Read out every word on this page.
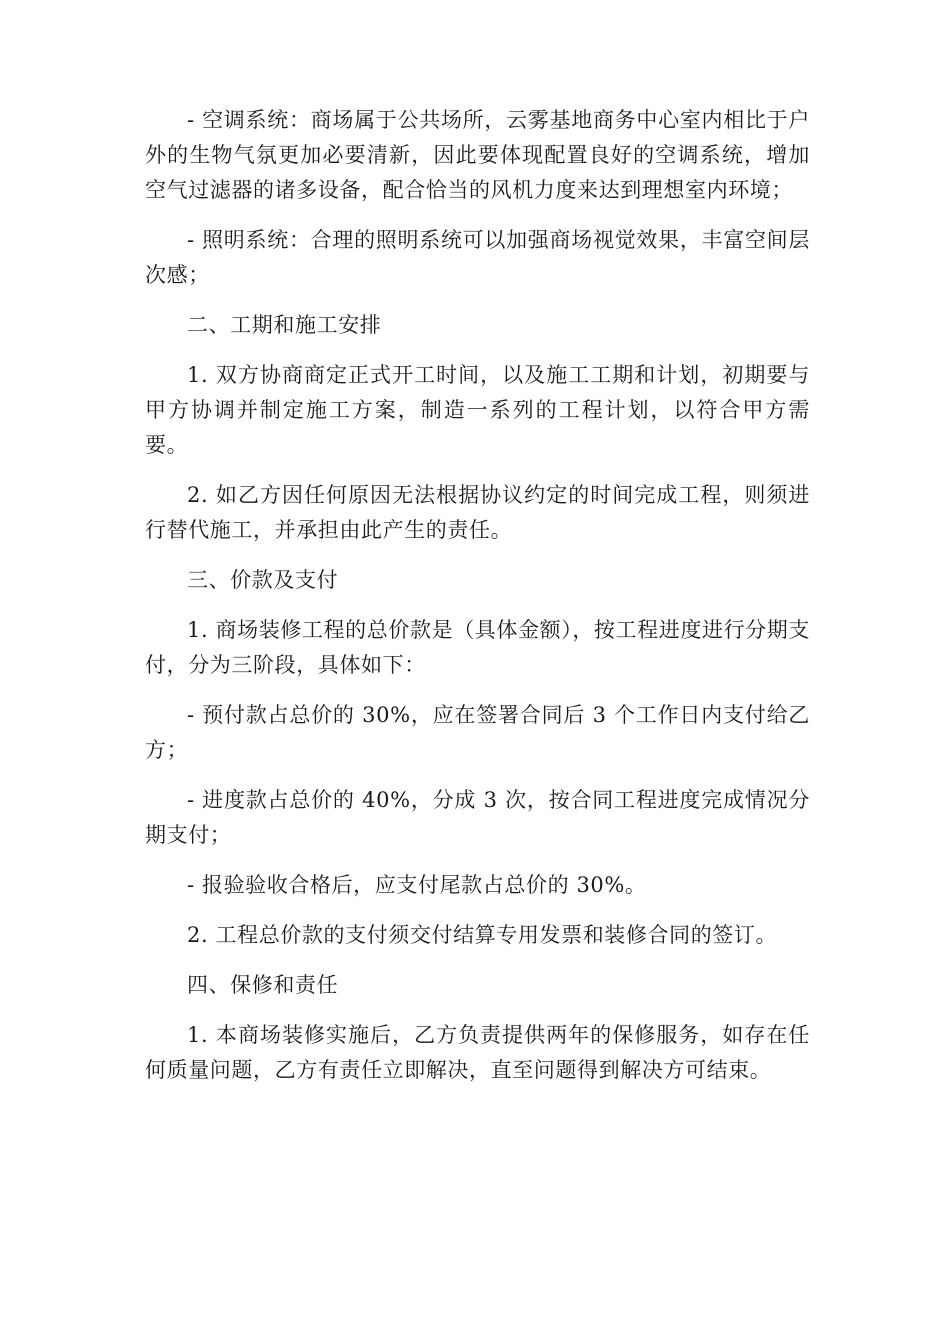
- 空调系统：商场属于公共场所，云雾基地商务中心室内相比于户外的生物气氛更加必要清新，因此要体现配置良好的空调系统，增加空气过滤器的诸多设备，配合恰当的风机力度来达到理想室内环境；

- 照明系统：合理的照明系统可以加强商场视觉效果，丰富空间层次感；

二、工期和施工安排

1. 双方协商商定正式开工时间，以及施工工期和计划，初期要与甲方协调并制定施工方案，制造一系列的工程计划，以符合甲方需要。

2. 如乙方因任何原因无法根据协议约定的时间完成工程，则须进行替代施工，并承担由此产生的责任。

三、价款及支付

1. 商场装修工程的总价款是（具体金额），按工程进度进行分期支付，分为三阶段，具体如下：

- 预付款占总价的 30%，应在签署合同后 3 个工作日内支付给乙方；

- 进度款占总价的 40%，分成 3 次，按合同工程进度完成情况分期支付；

- 报验验收合格后，应支付尾款占总价的 30%。

2. 工程总价款的支付须交付结算专用发票和装修合同的签订。

四、保修和责任

1. 本商场装修实施后，乙方负责提供两年的保修服务，如存在任何质量问题，乙方有责任立即解决，直至问题得到解决方可结束。
